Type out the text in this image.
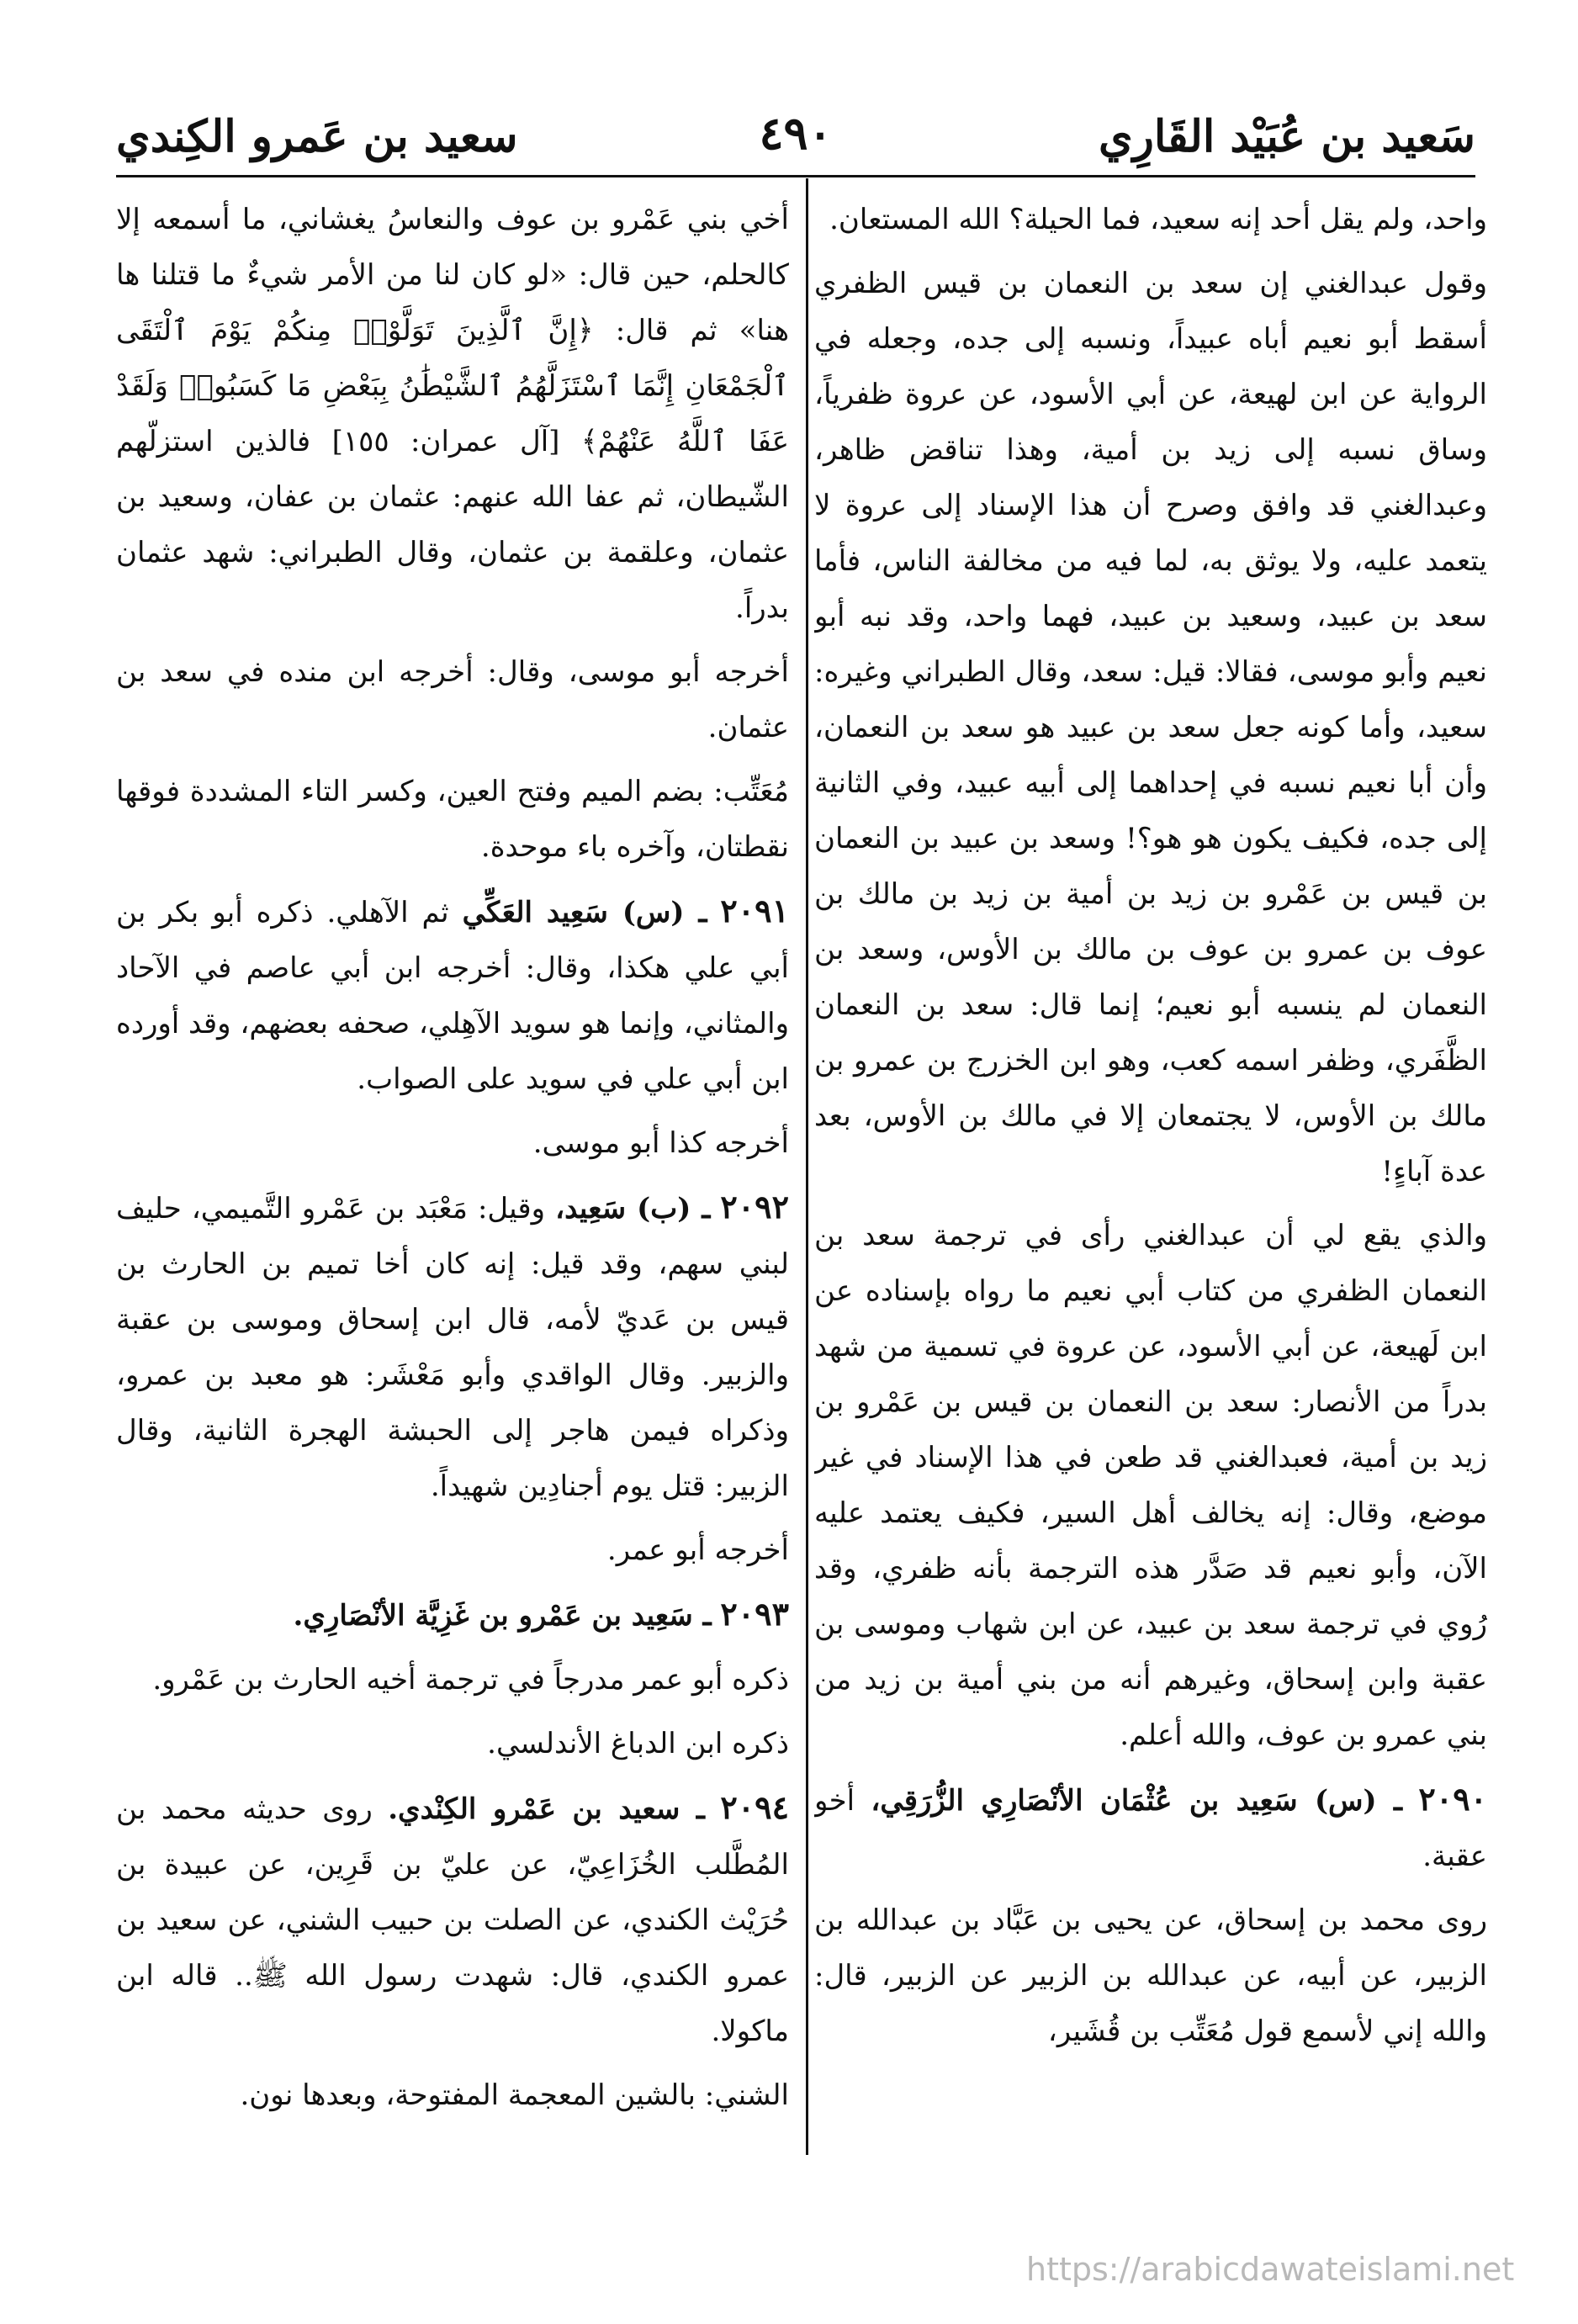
سَعيد بن عُبَيْد القَارِي
٤٩٠
سعيد بن عَمرو الكِندي

واحد، ولم يقل أحد إنه سعيد، فما الحيلة؟ الله المستعان.

وقول عبدالغني إن سعد بن النعمان بن قيس الظفري أسقط أبو نعيم أباه عبيداً، ونسبه إلى جده، وجعله في الرواية عن ابن لهيعة، عن أبي الأسود، عن عروة ظفرياً، وساق نسبه إلى زيد بن أمية، وهذا تناقض ظاهر، وعبدالغني قد وافق وصرح أن هذا الإسناد إلى عروة لا يتعمد عليه، ولا يوثق به، لما فيه من مخالفة الناس، فأما سعد بن عبيد، وسعيد بن عبيد، فهما واحد، وقد نبه أبو نعيم وأبو موسى، فقالا: قيل: سعد، وقال الطبراني وغيره: سعيد، وأما كونه جعل سعد بن عبيد هو سعد بن النعمان، وأن أبا نعيم نسبه في إحداهما إلى أبيه عبيد، وفي الثانية إلى جده، فكيف يكون هو هو؟! وسعد بن عبيد بن النعمان بن قيس بن عَمْرو بن زيد بن أمية بن زيد بن مالك بن عوف بن عمرو بن عوف بن مالك بن الأوس، وسعد بن النعمان لم ينسبه أبو نعيم؛ إنما قال: سعد بن النعمان الظَّفَري، وظفر اسمه كعب، وهو ابن الخزرج بن عمرو بن مالك بن الأوس، لا يجتمعان إلا في مالك بن الأوس، بعد عدة آباءٍ!

والذي يقع لي أن عبدالغني رأى في ترجمة سعد بن النعمان الظفري من كتاب أبي نعيم ما رواه بإسناده عن ابن لَهيعة، عن أبي الأسود، عن عروة في تسمية من شهد بدراً من الأنصار: سعد بن النعمان بن قيس بن عَمْرو بن زيد بن أمية، فعبدالغني قد طعن في هذا الإسناد في غير موضع، وقال: إنه يخالف أهل السير، فكيف يعتمد عليه الآن، وأبو نعيم قد صَدَّر هذه الترجمة بأنه ظفري، وقد رُوي في ترجمة سعد بن عبيد، عن ابن شهاب وموسى بن عقبة وابن إسحاق، وغيرهم أنه من بني أمية بن زيد من بني عمرو بن عوف، والله أعلم.

٢٠٩٠ ـ (س) سَعِيد بن عُثْمَان الأنْصَارِي الزُّرَقِي، أخو عقبة.

روى محمد بن إسحاق، عن يحيى بن عَبَّاد بن عبدالله بن الزبير، عن أبيه، عن عبدالله بن الزبير عن الزبير، قال: والله إني لأسمع قول مُعَتِّب بن قُشَير،

أخي بني عَمْرو بن عوف والنعاسُ يغشاني، ما أسمعه إلا كالحلم، حين قال: «لو كان لنا من الأمر شيءٌ ما قتلنا ها هنا» ثم قال: ﴿إِنَّ ٱلَّذِينَ تَوَلَّوْا۟ مِنكُمْ يَوْمَ ٱلْتَقَى ٱلْجَمْعَانِ إِنَّمَا ٱسْتَزَلَّهُمُ ٱلشَّيْطَٰنُ بِبَعْضِ مَا كَسَبُوا۟ وَلَقَدْ عَفَا ٱللَّهُ عَنْهُمْ﴾ [آل عمران: ١٥٥] فالذين استزلّهم الشّيطان، ثم عفا الله عنهم: عثمان بن عفان، وسعيد بن عثمان، وعلقمة بن عثمان، وقال الطبراني: شهد عثمان بدراً.

أخرجه أبو موسى، وقال: أخرجه ابن منده في سعد بن عثمان.

مُعَتِّب: بضم الميم وفتح العين، وكسر التاء المشددة فوقها نقطتان، وآخره باء موحدة.

٢٠٩١ ـ (س) سَعِيد العَكِّي ثم الآهلي. ذكره أبو بكر بن أبي علي هكذا، وقال: أخرجه ابن أبي عاصم في الآحاد والمثاني، وإنما هو سويد الآهِلي، صحفه بعضهم، وقد أورده ابن أبي علي في سويد على الصواب.

أخرجه كذا أبو موسى.

٢٠٩٢ ـ (ب) سَعِيد، وقيل: مَعْبَد بن عَمْرو التَّميمي، حليف لبني سهم، وقد قيل: إنه كان أخا تميم بن الحارث بن قيس بن عَديّ لأمه، قال ابن إسحاق وموسى بن عقبة والزبير. وقال الواقدي وأبو مَعْشَر: هو معبد بن عمرو، وذكراه فيمن هاجر إلى الحبشة الهجرة الثانية، وقال الزبير: قتل يوم أجنادِين شهيداً.

أخرجه أبو عمر.

٢٠٩٣ ـ سَعِيد بن عَمْرو بن غَزِيَّة الأنْصَارِي.

ذكره أبو عمر مدرجاً في ترجمة أخيه الحارث بن عَمْرو.

ذكره ابن الدباغ الأندلسي.

٢٠٩٤ ـ سعيد بن عَمْرو الكِنْدي. روى حديثه محمد بن المُطَّلب الخُزَاعِيّ، عن عليّ بن قَرِين، عن عبيدة بن حُرَيْث الكندي، عن الصلت بن حبيب الشني، عن سعيد بن عمرو الكندي، قال: شهدت رسول الله ﷺ.. قاله ابن ماكولا.

الشني: بالشين المعجمة المفتوحة، وبعدها نون.

https://arabicdawateislami.net
